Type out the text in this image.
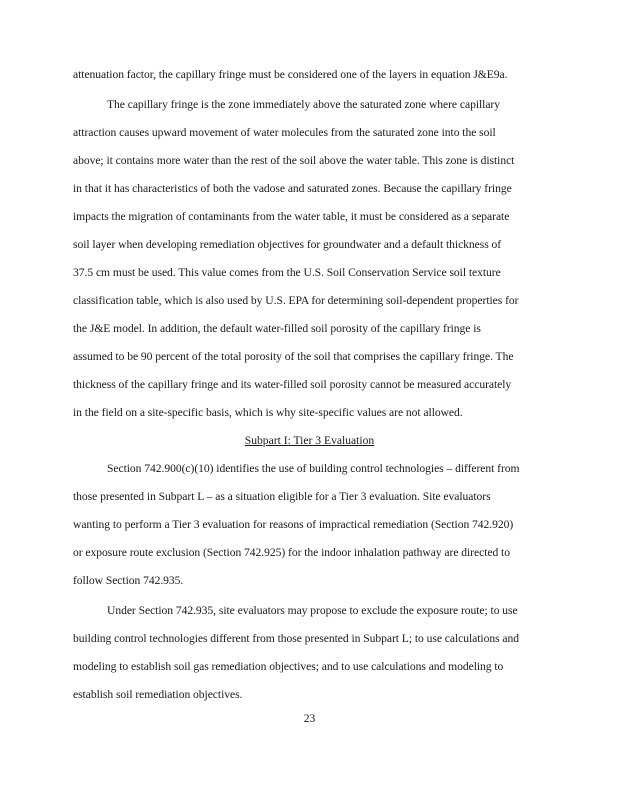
attenuation factor, the capillary fringe must be considered one of the layers in equation J&E9a.
The capillary fringe is the zone immediately above the saturated zone where capillary
attraction causes upward movement of water molecules from the saturated zone into the soil
above; it contains more water than the rest of the soil above the water table. This zone is distinct
in that it has characteristics of both the vadose and saturated zones. Because the capillary fringe
impacts the migration of contaminants from the water table, it must be considered as a separate
soil layer when developing remediation objectives for groundwater and a default thickness of
37.5 cm must be used. This value comes from the U.S. Soil Conservation Service soil texture
classification table, which is also used by U.S. EPA for determining soil-dependent properties for
the J&E model. In addition, the default water-filled soil porosity of the capillary fringe is
assumed to be 90 percent of the total porosity of the soil that comprises the capillary fringe. The
thickness of the capillary fringe and its water-filled soil porosity cannot be measured accurately
in the field on a site-specific basis, which is why site-specific values are not allowed.
Subpart I: Tier 3 Evaluation
Section 742.900(c)(10) identifies the use of building control technologies – different from
those presented in Subpart L – as a situation eligible for a Tier 3 evaluation. Site evaluators
wanting to perform a Tier 3 evaluation for reasons of impractical remediation (Section 742.920)
or exposure route exclusion (Section 742.925) for the indoor inhalation pathway are directed to
follow Section 742.935.
Under Section 742.935, site evaluators may propose to exclude the exposure route; to use
building control technologies different from those presented in Subpart L; to use calculations and
modeling to establish soil gas remediation objectives; and to use calculations and modeling to
establish soil remediation objectives.
23
